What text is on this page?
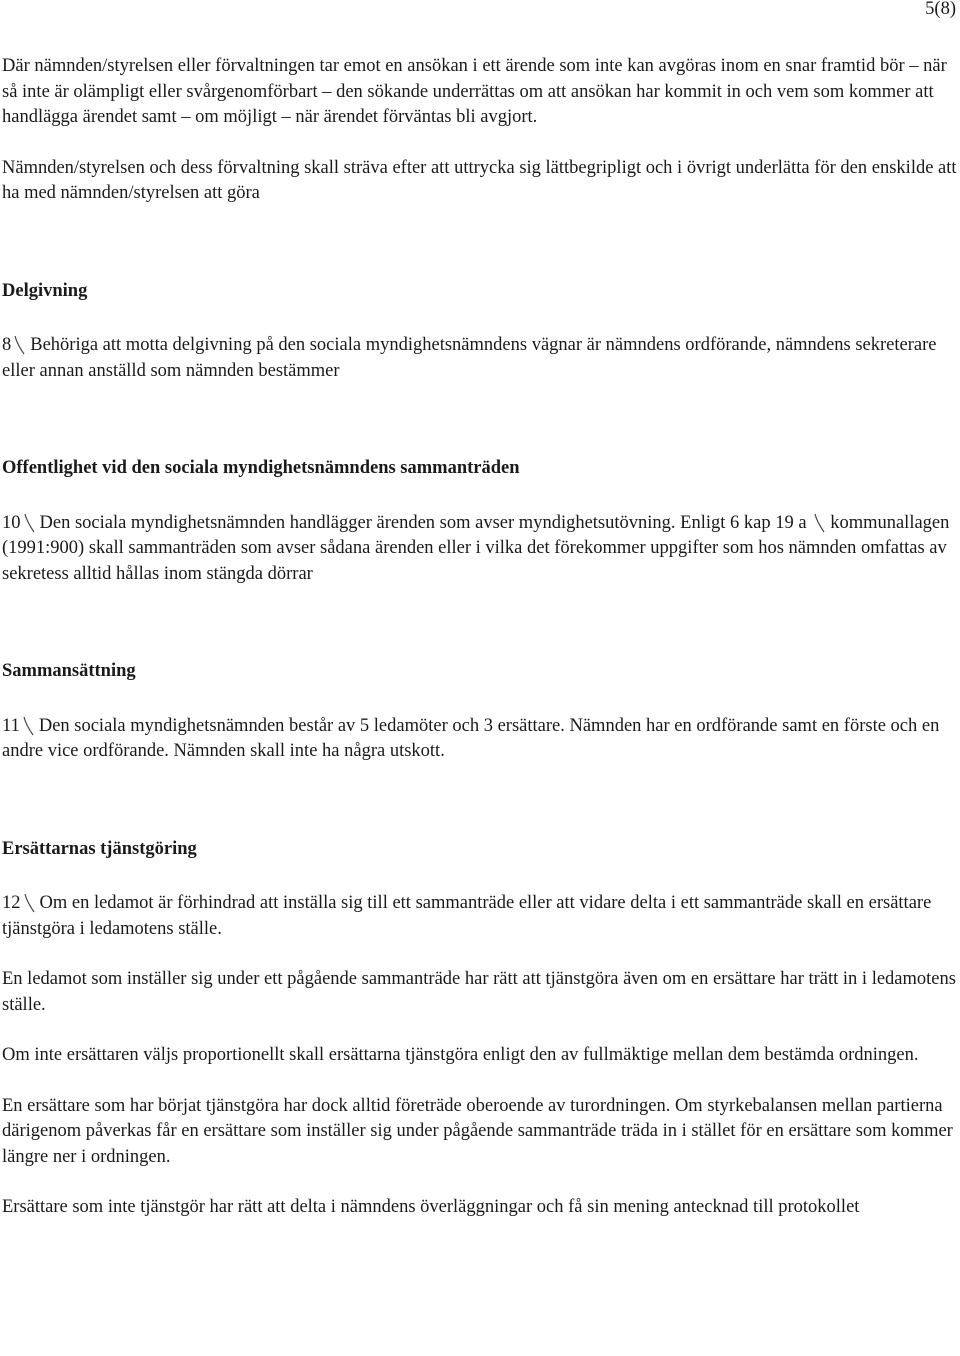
5(8)

Där nämnden/styrelsen eller förvaltningen tar emot en ansökan i ett ärende som inte kan avgöras inom en snar framtid bör – när så inte är olämpligt eller svårgenomförbart – den sökande underrättas om att ansökan har kommit in och vem som kommer att handlägga ärendet samt – om möjligt – när ärendet förväntas bli avgjort.

Nämnden/styrelsen och dess förvaltning skall sträva efter att uttrycka sig lättbegripligt och i övrigt underlätta för den enskilde att ha med nämnden/styrelsen att göra

Delgivning

8 Behöriga att motta delgivning på den sociala myndighetsnämndens vägnar är nämndens ordförande, nämndens sekreterare eller annan anställd som nämnden bestämmer

Offentlighet vid den sociala myndighetsnämndens sammanträden

10 Den sociala myndighetsnämnden handlägger ärenden som avser myndighetsutövning. Enligt 6 kap 19 a kommunallagen (1991:900) skall sammanträden som avser sådana ärenden eller i vilka det förekommer uppgifter som hos nämnden omfattas av sekretess alltid hållas inom stängda dörrar

Sammansättning

11 Den sociala myndighetsnämnden består av 5 ledamöter och 3 ersättare. Nämnden har en ordförande samt en förste och en andre vice ordförande. Nämnden skall inte ha några utskott.

Ersättarnas tjänstgöring

12 Om en ledamot är förhindrad att inställa sig till ett sammanträde eller att vidare delta i ett sammanträde skall en ersättare tjänstgöra i ledamotens ställe.

En ledamot som inställer sig under ett pågående sammanträde har rätt att tjänstgöra även om en ersättare har trätt in i ledamotens ställe.

Om inte ersättaren väljs proportionellt skall ersättarna tjänstgöra enligt den av fullmäktige mellan dem bestämda ordningen.

En ersättare som har börjat tjänstgöra har dock alltid företräde oberoende av turordningen. Om styrkebalansen mellan partierna därigenom påverkas får en ersättare som inställer sig under pågående sammanträde träda in i stället för en ersättare som kommer längre ner i ordningen.

Ersättare som inte tjänstgör har rätt att delta i nämndens överläggningar och få sin mening antecknad till protokollet
